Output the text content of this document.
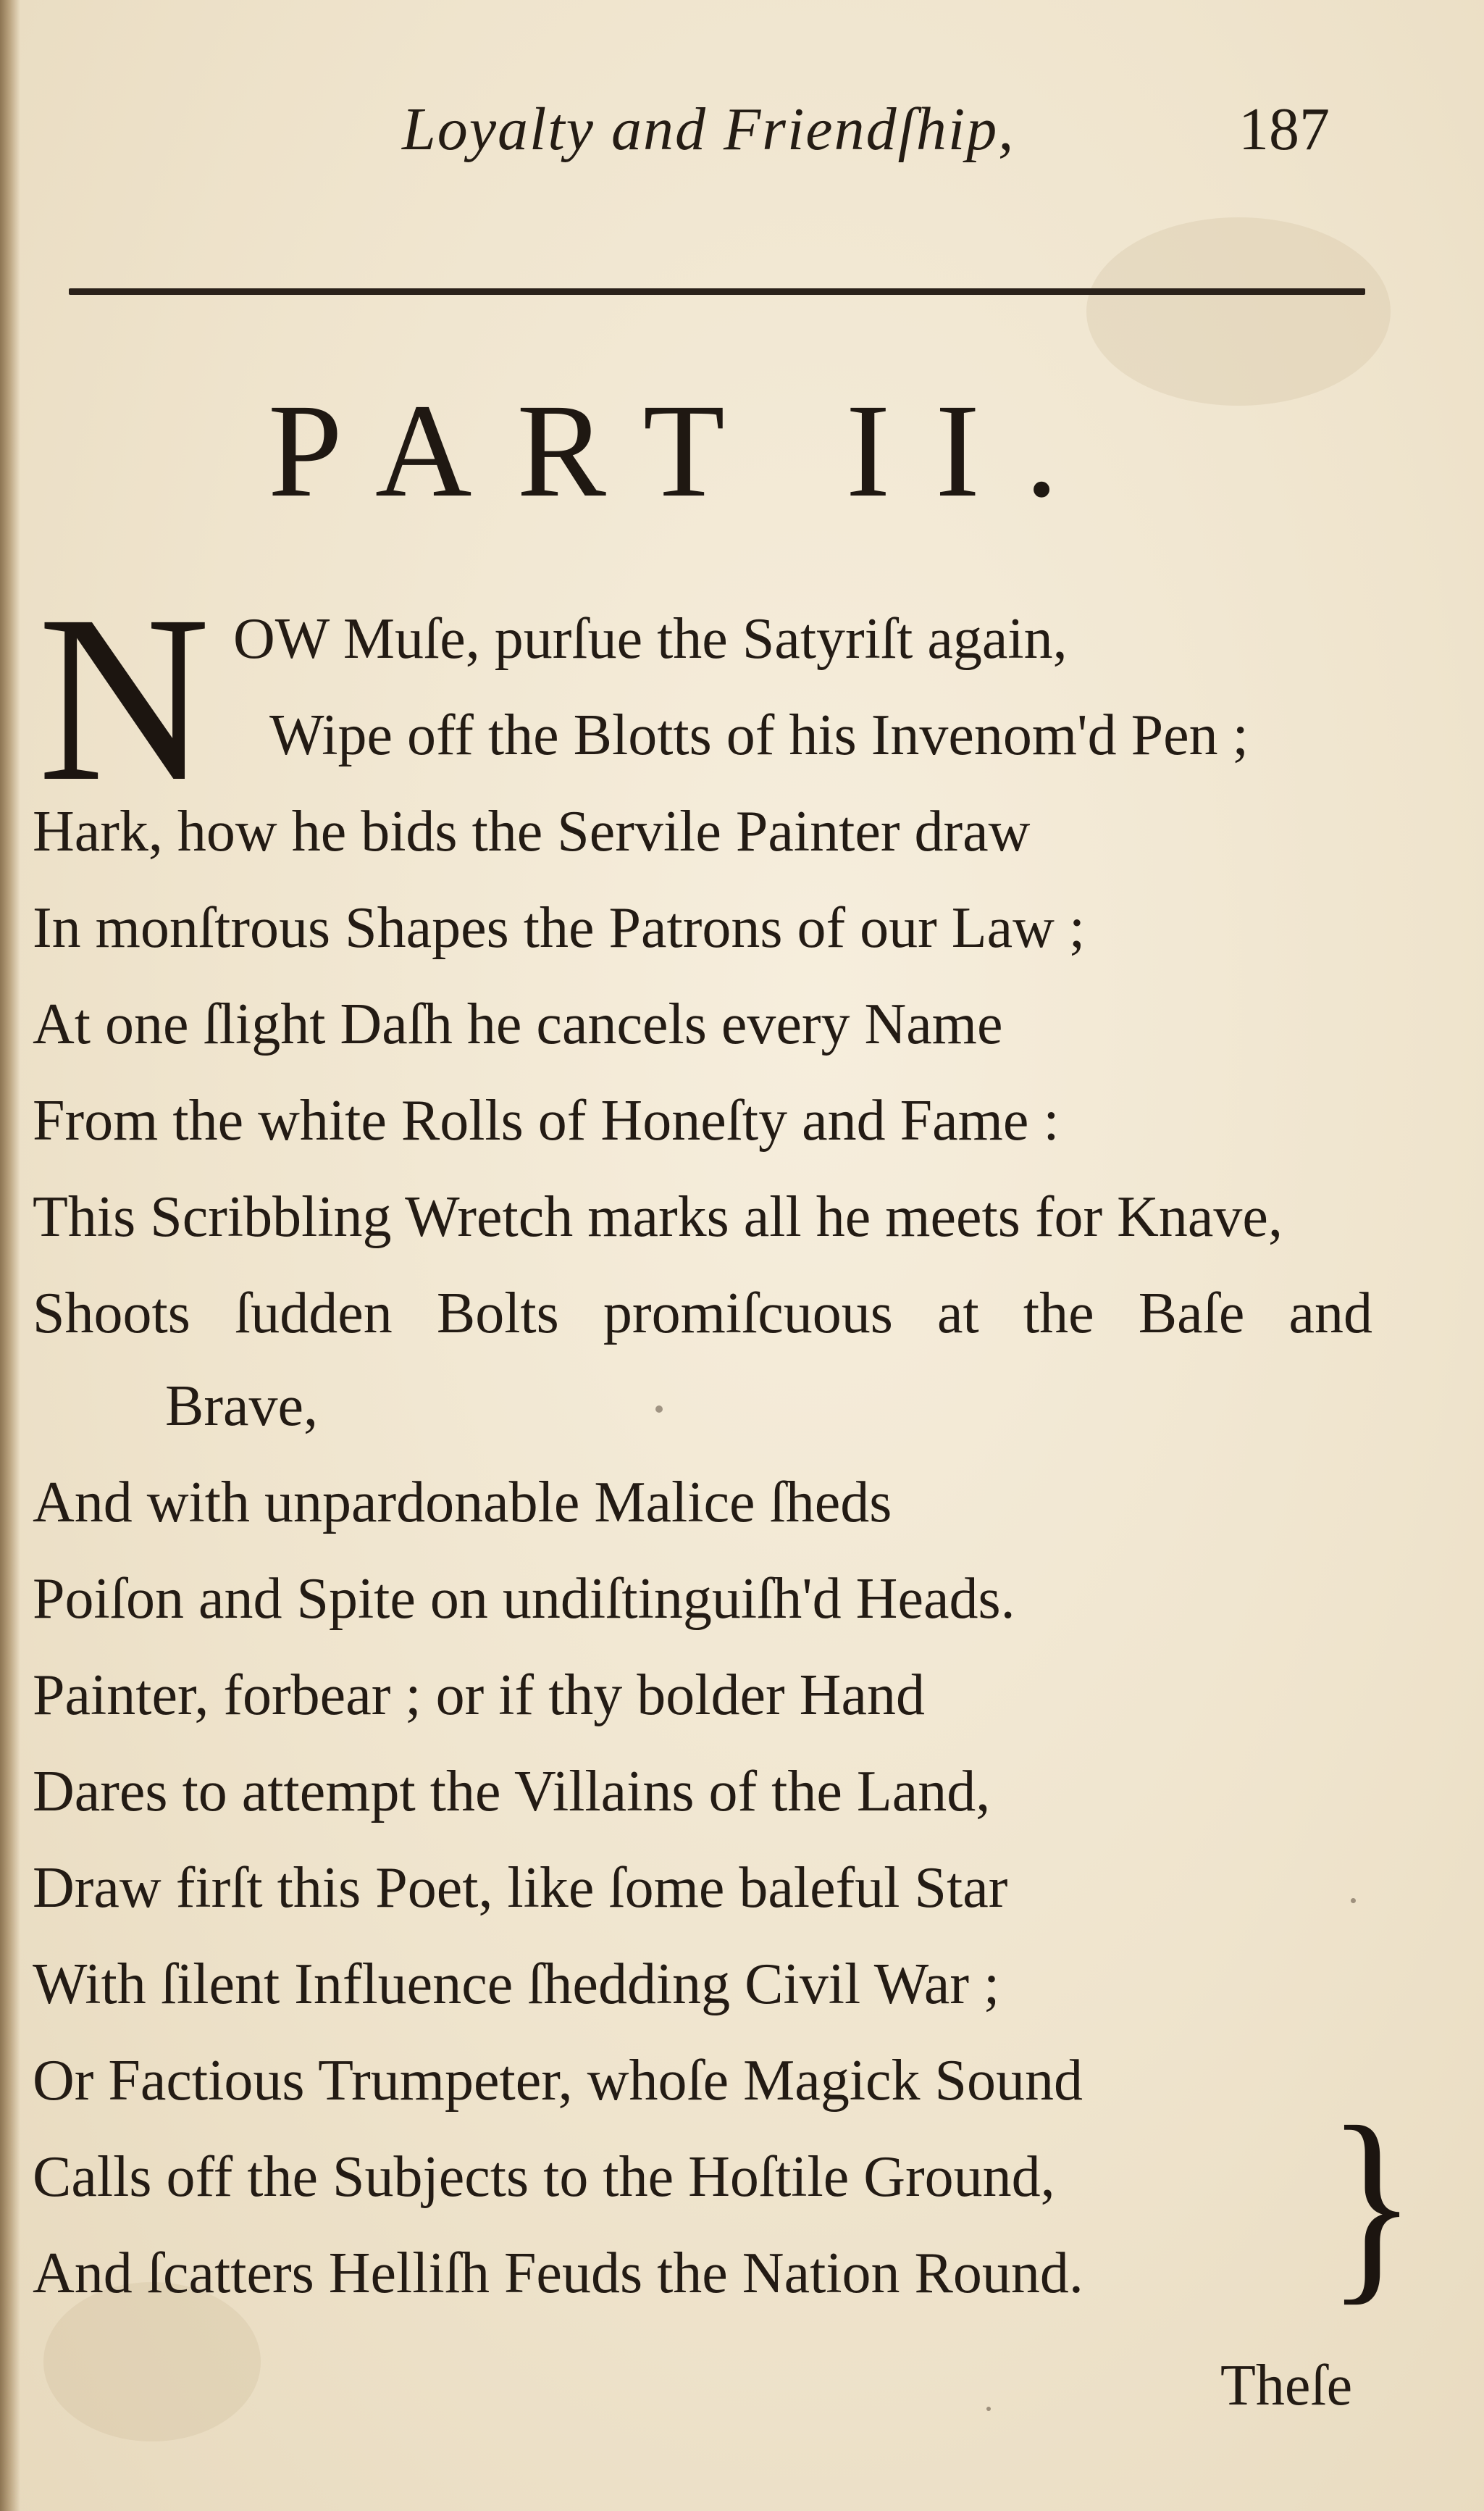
Loyalty and Friendſhip,	187
PART II.
N OW Muſe, purſue the Satyriſt again,
Wipe off the Blotts of his Invenom'd Pen ;
Hark, how he bids the Servile Painter draw
In monſtrous Shapes the Patrons of our Law ;
At one ſlight Daſh he cancels every Name
From the white Rolls of Honeſty and Fame :
This Scribbling Wretch marks all he meets for Knave,
Shoots ſudden Bolts promiſcuous at the Baſe and
Brave,
And with unpardonable Malice ſheds
Poiſon and Spite on undiſtinguiſh'd Heads.
Painter, forbear ; or if thy bolder Hand
Dares to attempt the Villains of the Land,
Draw firſt this Poet, like ſome baleful Star
With ſilent Influence ſhedding Civil War ;
Or Factious Trumpeter, whoſe Magick Sound
Calls off the Subjects to the Hoſtile Ground,
And ſcatters Helliſh Feuds the Nation Round. }
Theſe
